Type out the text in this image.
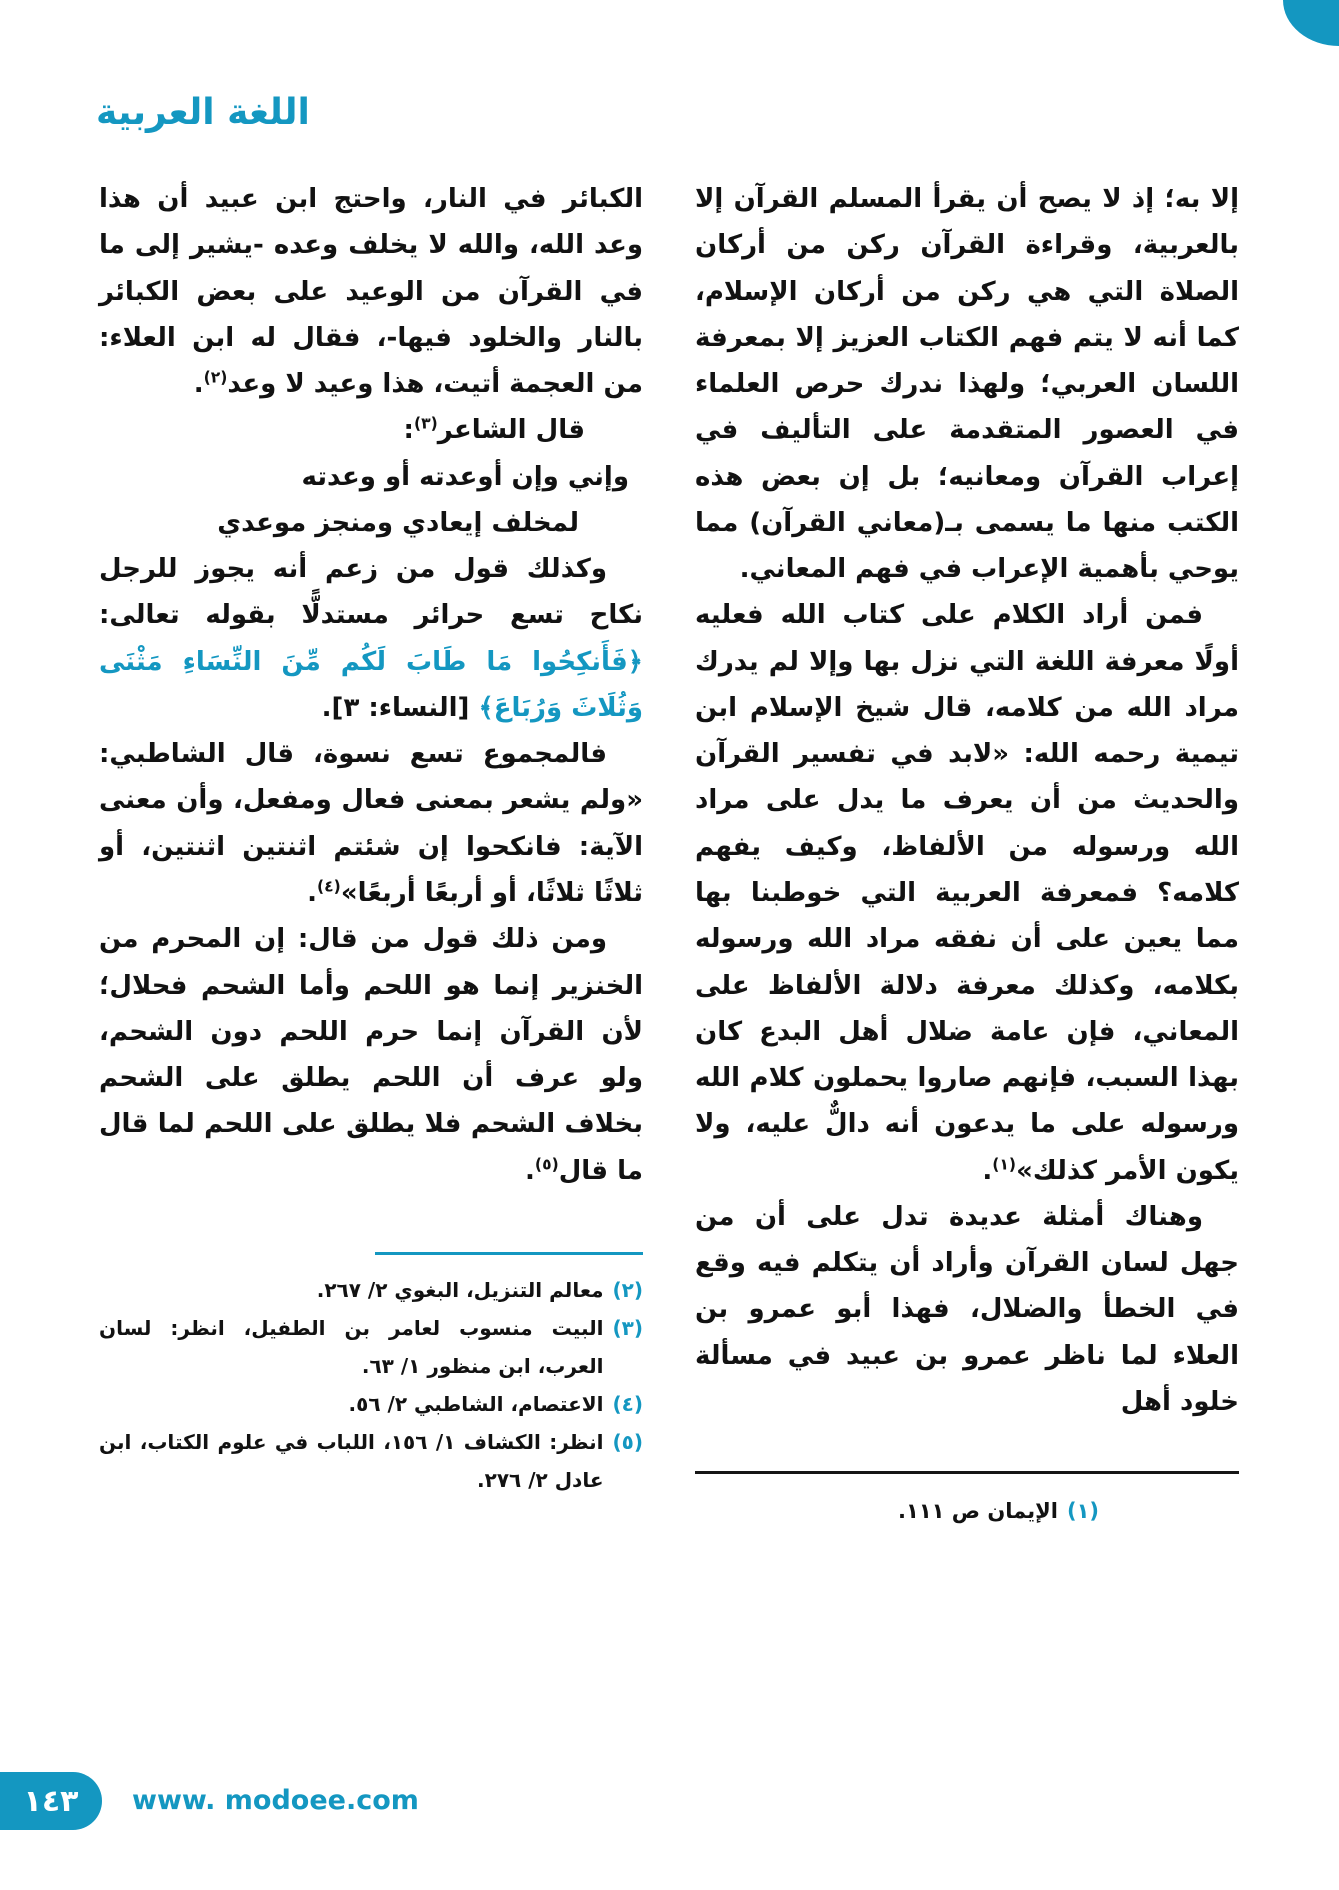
اللغة العربية

إلا به؛ إذ لا يصح أن يقرأ المسلم القرآن إلا بالعربية، وقراءة القرآن ركن من أركان الصلاة التي هي ركن من أركان الإسلام، كما أنه لا يتم فهم الكتاب العزيز إلا بمعرفة اللسان العربي؛ ولهذا ندرك حرص العلماء في العصور المتقدمة على التأليف في إعراب القرآن ومعانيه؛ بل إن بعض هذه الكتب منها ما يسمى بـ(معاني القرآن) مما يوحي بأهمية الإعراب في فهم المعاني.

فمن أراد الكلام على كتاب الله فعليه أولًا معرفة اللغة التي نزل بها وإلا لم يدرك مراد الله من كلامه، قال شيخ الإسلام ابن تيمية رحمه الله: «لابد في تفسير القرآن والحديث من أن يعرف ما يدل على مراد الله ورسوله من الألفاظ، وكيف يفهم كلامه؟ فمعرفة العربية التي خوطبنا بها مما يعين على أن نفقه مراد الله ورسوله بكلامه، وكذلك معرفة دلالة الألفاظ على المعاني، فإن عامة ضلال أهل البدع كان بهذا السبب، فإنهم صاروا يحملون كلام الله ورسوله على ما يدعون أنه دالٌّ عليه، ولا يكون الأمر كذلك»$^{(١)}$.

وهناك أمثلة عديدة تدل على أن من جهل لسان القرآن وأراد أن يتكلم فيه وقع في الخطأ والضلال، فهذا أبو عمرو بن العلاء لما ناظر عمرو بن عبيد في مسألة خلود أهل

(١)
الإيمان ص ١١١.

الكبائر في النار، واحتج ابن عبيد أن هذا وعد الله، والله لا يخلف وعده -يشير إلى ما في القرآن من الوعيد على بعض الكبائر بالنار والخلود فيها-، فقال له ابن العلاء: من العجمة أتيت، هذا وعيد لا وعد$^{(٢)}$.

قال الشاعر$^{(٣)}$:

وإني وإن أوعدته أو وعدته

لمخلف إيعادي ومنجز موعدي

وكذلك قول من زعم أنه يجوز للرجل نكاح تسع حرائر مستدلًّا بقوله تعالى: ﴿فَأَنكِحُوا مَا طَابَ لَكُم مِّنَ النِّسَاءِ مَثْنَى وَثُلَاثَ وَرُبَاعَ﴾ [النساء: ٣].

فالمجموع تسع نسوة، قال الشاطبي: «ولم يشعر بمعنى فعال ومفعل، وأن معنى الآية: فانكحوا إن شئتم اثنتين اثنتين، أو ثلاثًا ثلاثًا، أو أربعًا أربعًا»$^{(٤)}$.

ومن ذلك قول من قال: إن المحرم من الخنزير إنما هو اللحم وأما الشحم فحلال؛ لأن القرآن إنما حرم اللحم دون الشحم، ولو عرف أن اللحم يطلق على الشحم بخلاف الشحم فلا يطلق على اللحم لما قال ما قال$^{(٥)}$.

(٢)
معالم التنزيل، البغوي ٢/ ٢٦٧.
(٣)
البيت منسوب لعامر بن الطفيل، انظر: لسان العرب، ابن منظور ١/ ٦٣.
(٤)
الاعتصام، الشاطبي ٢/ ٥٦.
(٥)
انظر: الكشاف ١/ ١٥٦، اللباب في علوم الكتاب، ابن عادل ٢/ ٢٧٦.
١٤٣	www. modoee.com
